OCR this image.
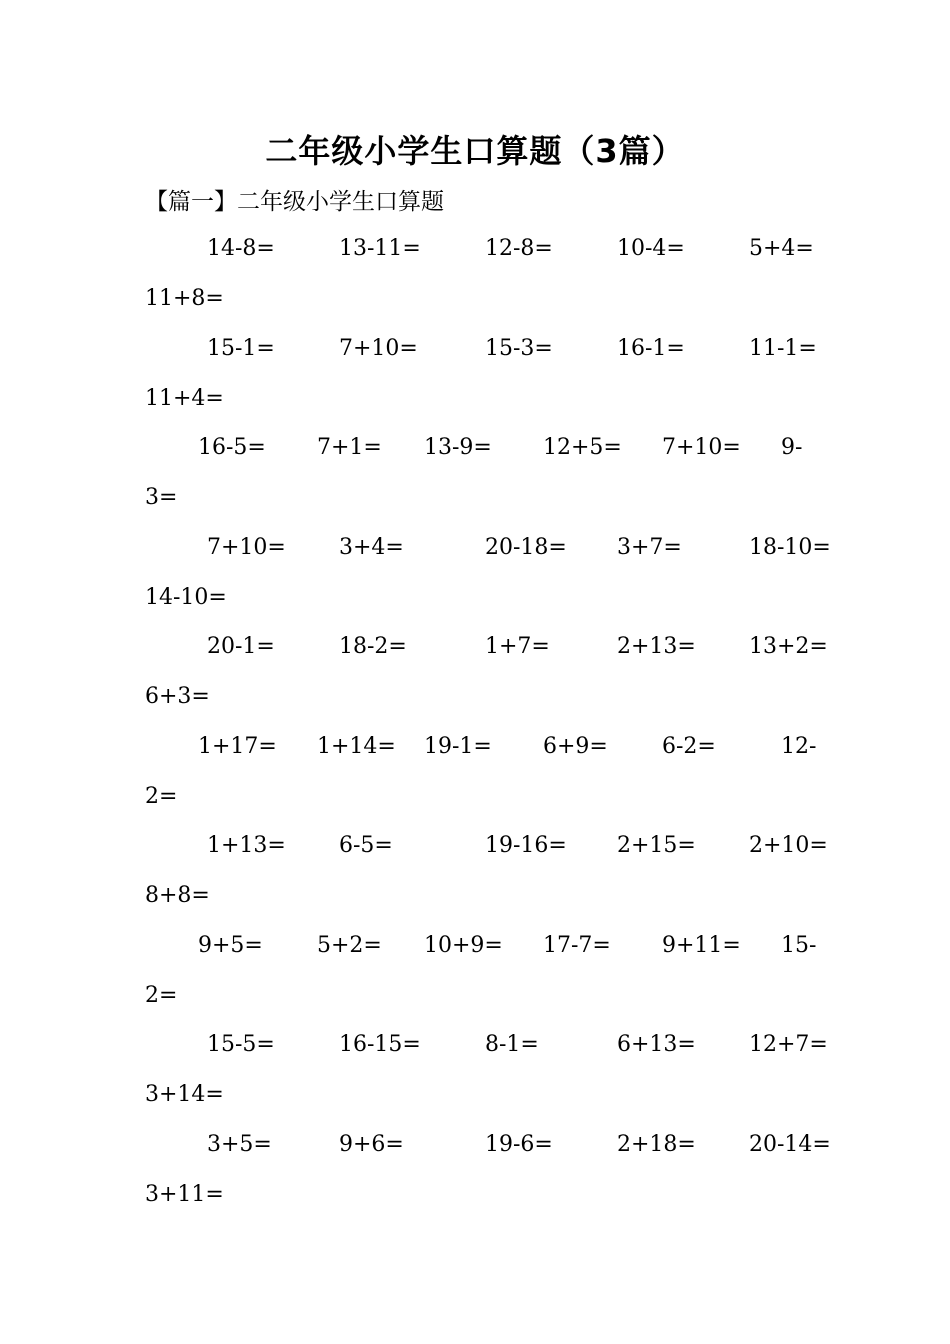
二年级小学生口算题（3篇）
【篇一】二年级小学生口算题
14-8=	13-11=	12-8=	10-4=	5+4=
11+8=
15-1=	7+10=	15-3=	16-1=	11-1=
11+4=
16-5= 7+1= 13-9= 12+5= 7+10= 9-
3=
7+10= 3+4=	20-18= 3+7=	18-10=
14-10=
20-1=	18-2=	1+7=	2+13= 13+2=
6+3=
1+17= 1+14= 19-1= 6+9= 6-2=	12-
2=
1+13= 6-5=	19-16= 2+15= 2+10=
8+8=
9+5= 5+2= 10+9= 17-7= 9+11= 15-
2=
15-5=	16-15=	8-1=	6+13= 12+7=
3+14=
3+5=	9+6=	19-6=	2+18= 20-14=
3+11=
